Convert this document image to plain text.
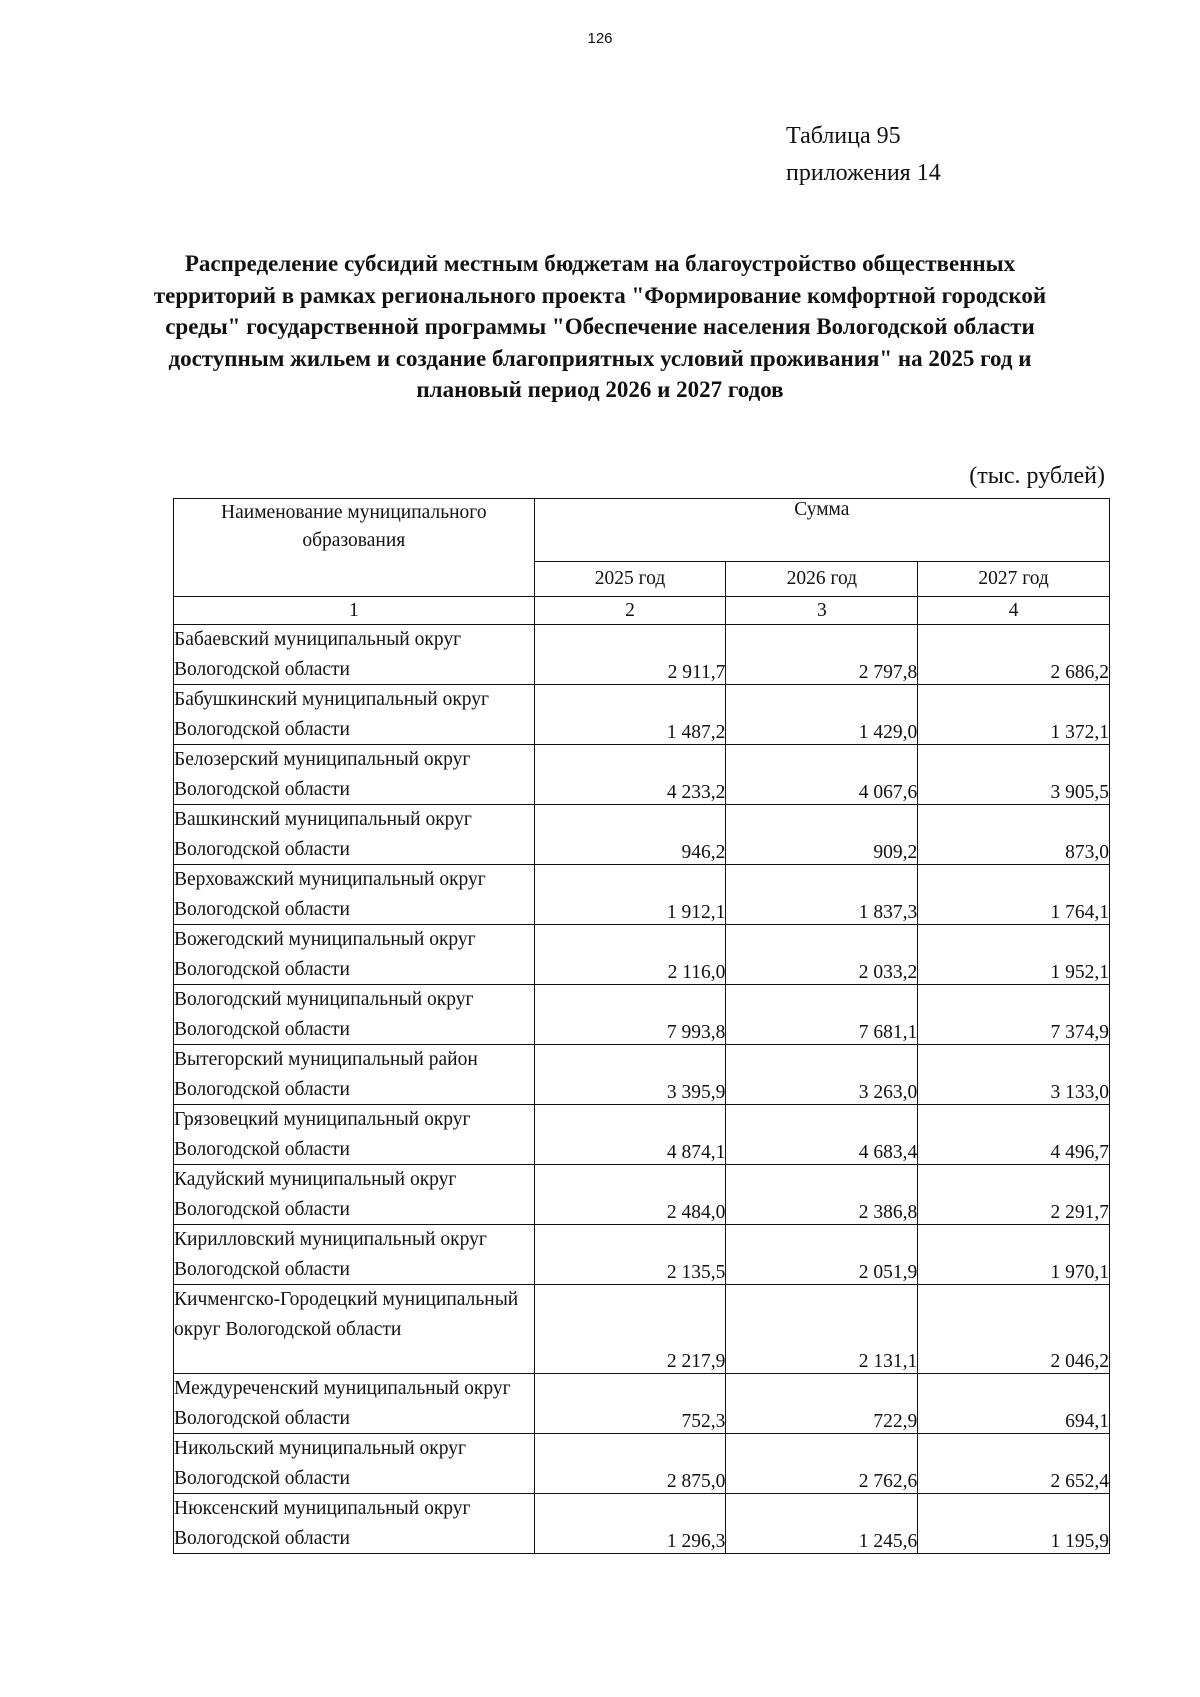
126
Таблица 95
приложения 14
Распределение субсидий местным бюджетам на благоустройство общественных территорий в рамках регионального проекта "Формирование комфортной городской среды" государственной программы "Обеспечение населения Вологодской области доступным жильем и создание благоприятных условий проживания" на 2025 год и плановый период 2026 и 2027 годов
(тыс. рублей)
Наименование муниципального образования	Сумма		
	2025 год	2026 год	2027 год
1	2	3	4
Бабаевский муниципальный округ Вологодской области	2 911,7	2 797,8	2 686,2
Бабушкинский муниципальный округ Вологодской области	1 487,2	1 429,0	1 372,1
Белозерский муниципальный округ Вологодской области	4 233,2	4 067,6	3 905,5
Вашкинский муниципальный округ Вологодской области	946,2	909,2	873,0
Верховажский муниципальный округ Вологодской области	1 912,1	1 837,3	1 764,1
Вожегодский муниципальный округ Вологодской области	2 116,0	2 033,2	1 952,1
Вологодский муниципальный округ Вологодской области	7 993,8	7 681,1	7 374,9
Вытегорский муниципальный район Вологодской области	3 395,9	3 263,0	3 133,0
Грязовецкий муниципальный округ Вологодской области	4 874,1	4 683,4	4 496,7
Кадуйский муниципальный округ Вологодской области	2 484,0	2 386,8	2 291,7
Кирилловский муниципальный округ Вологодской области	2 135,5	2 051,9	1 970,1
Кичменгско-Городецкий муниципальный округ Вологодской области	2 217,9	2 131,1	2 046,2
Междуреченский муниципальный округ Вологодской области	752,3	722,9	694,1
Никольский муниципальный округ Вологодской области	2 875,0	2 762,6	2 652,4
Нюксенский муниципальный округ Вологодской области	1 296,3	1 245,6	1 195,9
